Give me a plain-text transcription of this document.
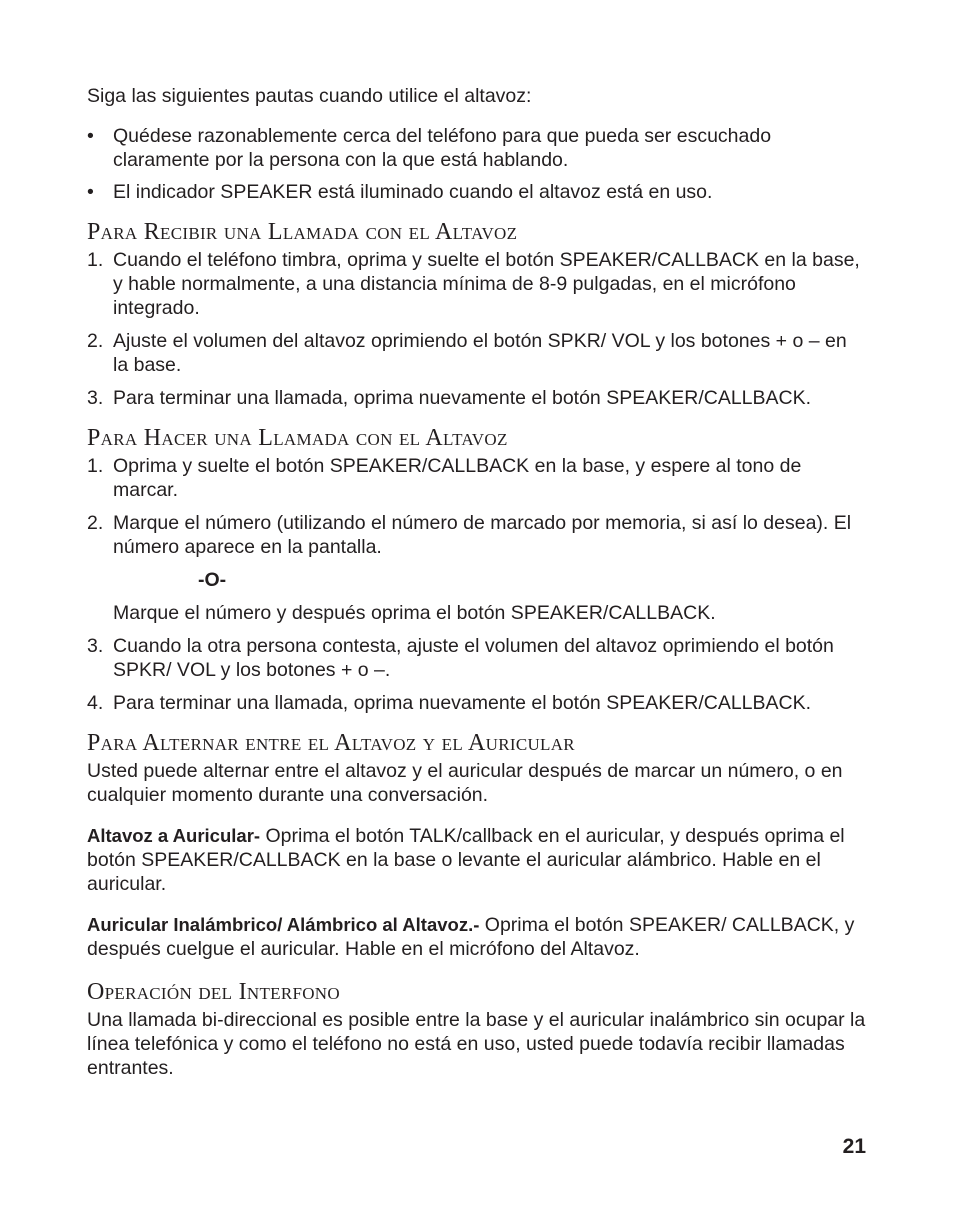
Siga las siguientes pautas cuando utilice el altavoz:

• Quédese razonablemente cerca del teléfono para que pueda ser escuchado claramente por la persona con la que está hablando.
• El indicador SPEAKER está iluminado cuando el altavoz está en uso.
Para Recibir una Llamada con el Altavoz
1. Cuando el teléfono timbra, oprima y suelte el botón SPEAKER/CALLBACK en la base, y hable normalmente, a una distancia mínima de 8-9 pulgadas, en el micrófono integrado.
2. Ajuste el volumen del altavoz oprimiendo el botón SPKR/ VOL y los botones + o – en la base.
3. Para terminar una llamada, oprima nuevamente el botón SPEAKER/CALLBACK.
Para Hacer una Llamada con el Altavoz
1. Oprima y suelte el botón SPEAKER/CALLBACK en la base, y espere al tono de marcar.
2. Marque el número (utilizando el número de marcado por memoria, si así lo desea). El número aparece en la pantalla.
-O-
Marque el número y después oprima el botón SPEAKER/CALLBACK.
3. Cuando la otra persona contesta, ajuste el volumen del altavoz oprimiendo el botón SPKR/ VOL y los botones + o –.
4. Para terminar una llamada, oprima nuevamente el botón SPEAKER/CALLBACK.
Para Alternar entre el Altavoz y el Auricular

Usted puede alternar entre el altavoz y el auricular después de marcar un número, o en cualquier momento durante una conversación.

Altavoz a Auricular- Oprima el botón TALK/callback en el auricular, y después oprima el botón SPEAKER/CALLBACK en la base o levante el auricular alámbrico. Hable en el auricular.

Auricular Inalámbrico/ Alámbrico al Altavoz.- Oprima el botón SPEAKER/ CALLBACK, y después cuelgue el auricular. Hable en el micrófono del Altavoz.

Operación del Interfono

Una llamada bi-direccional es posible entre la base y el auricular inalámbrico sin ocupar la línea telefónica y como el teléfono no está en uso, usted puede todavía recibir llamadas entrantes.

21
